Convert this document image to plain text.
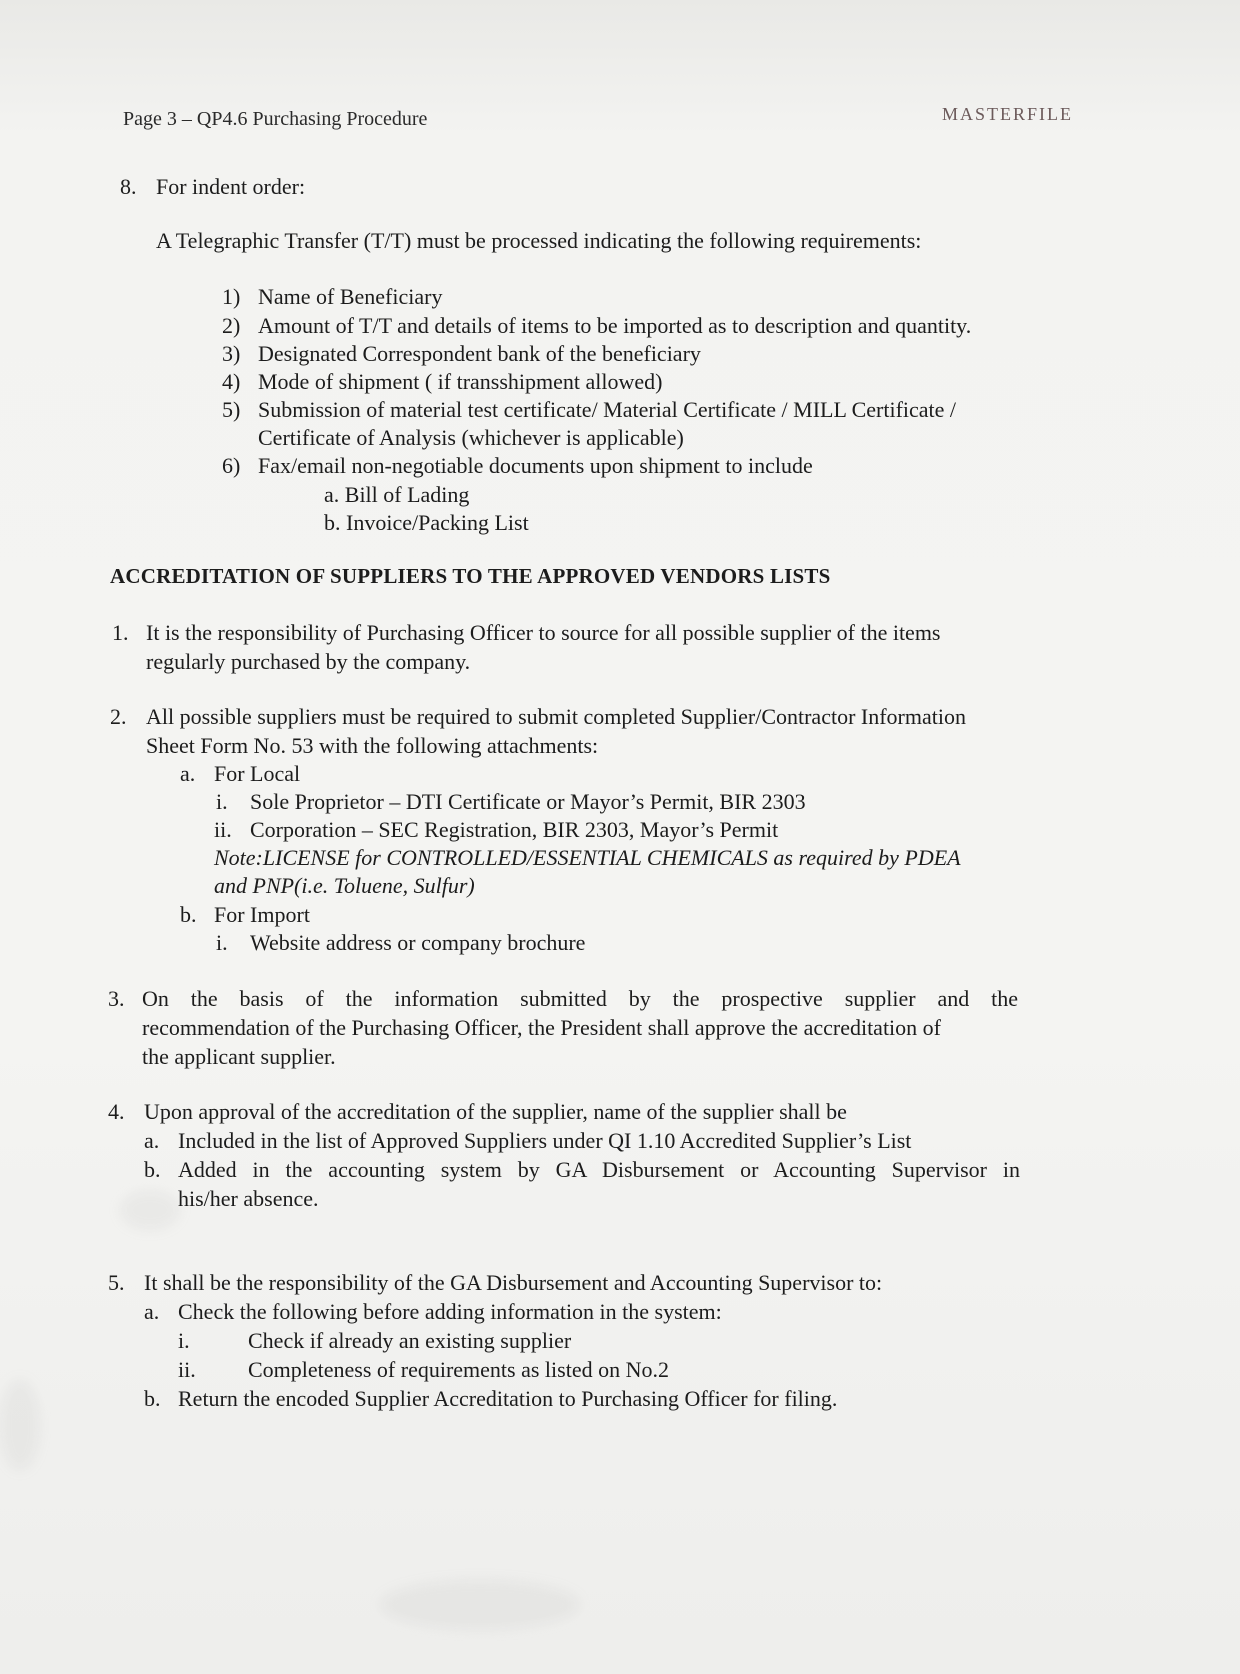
Page 3 – QP4.6 Purchasing Procedure	MASTERFILE
8. For indent order:
A Telegraphic Transfer (T/T) must be processed indicating the following requirements:
1) Name of Beneficiary
2) Amount of T/T and details of items to be imported as to description and quantity.
3) Designated Correspondent bank of the beneficiary
4) Mode of shipment ( if transshipment allowed)
5) Submission of material test certificate/ Material Certificate / MILL Certificate /
Certificate of Analysis (whichever is applicable)
6) Fax/email non-negotiable documents upon shipment to include
a. Bill of Lading
b. Invoice/Packing List
ACCREDITATION OF SUPPLIERS TO THE APPROVED VENDORS LISTS
1. It is the responsibility of Purchasing Officer to source for all possible supplier of the items
regularly purchased by the company.
2. All possible suppliers must be required to submit completed Supplier/Contractor Information
Sheet Form No. 53 with the following attachments:
a. For Local
i. Sole Proprietor – DTI Certificate or Mayor’s Permit, BIR 2303
ii. Corporation – SEC Registration, BIR 2303, Mayor’s Permit
Note:LICENSE for CONTROLLED/ESSENTIAL CHEMICALS as required by PDEA
and PNP(i.e. Toluene, Sulfur)
b. For Import
i. Website address or company brochure
3. On the basis of the information submitted by the prospective supplier and the
recommendation of the Purchasing Officer, the President shall approve the accreditation of
the applicant supplier.
4. Upon approval of the accreditation of the supplier, name of the supplier shall be
a. Included in the list of Approved Suppliers under QI 1.10 Accredited Supplier’s List
b. Added in the accounting system by GA Disbursement or Accounting Supervisor in
his/her absence.
5. It shall be the responsibility of the GA Disbursement and Accounting Supervisor to:
a. Check the following before adding information in the system:
i.	Check if already an existing supplier
ii. Completeness of requirements as listed on No.2
b. Return the encoded Supplier Accreditation to Purchasing Officer for filing.
